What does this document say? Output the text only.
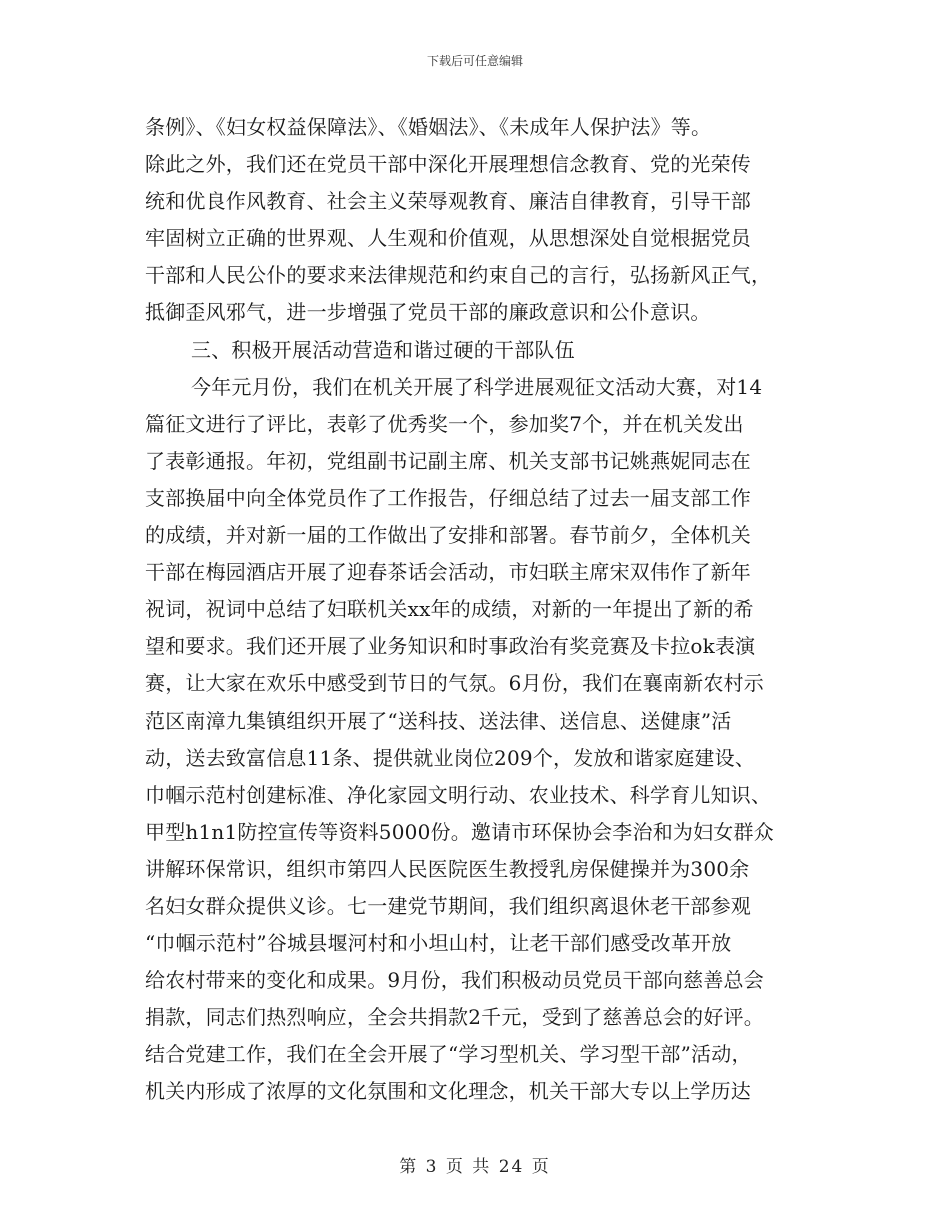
下载后可任意编辑
条例》、《妇女权益保障法》、《婚姻法》、《未成年人保护法》等。
除此之外，我们还在党员干部中深化开展理想信念教育、党的光荣传
统和优良作风教育、社会主义荣辱观教育、廉洁自律教育，引导干部
牢固树立正确的世界观、人生观和价值观，从思想深处自觉根据党员
干部和人民公仆的要求来法律规范和约束自己的言行，弘扬新风正气，
抵御歪风邪气，进一步增强了党员干部的廉政意识和公仆意识。
三、积极开展活动营造和谐过硬的干部队伍
今年元月份，我们在机关开展了科学进展观征文活动大赛，对14
篇征文进行了评比，表彰了优秀奖一个，参加奖7个，并在机关发出
了表彰通报。年初，党组副书记副主席、机关支部书记姚燕妮同志在
支部换届中向全体党员作了工作报告，仔细总结了过去一届支部工作
的成绩，并对新一届的工作做出了安排和部署。春节前夕，全体机关
干部在梅园酒店开展了迎春茶话会活动，市妇联主席宋双伟作了新年
祝词，祝词中总结了妇联机关xx年的成绩，对新的一年提出了新的希
望和要求。我们还开展了业务知识和时事政治有奖竞赛及卡拉ok表演
赛，让大家在欢乐中感受到节日的气氛。6月份，我们在襄南新农村示
范区南漳九集镇组织开展了“送科技、送法律、送信息、送健康”活
动，送去致富信息11条、提供就业岗位209个，发放和谐家庭建设、
巾帼示范村创建标准、净化家园文明行动、农业技术、科学育儿知识、
甲型h1n1防控宣传等资料5000份。邀请市环保协会李治和为妇女群众
讲解环保常识，组织市第四人民医院医生教授乳房保健操并为300余
名妇女群众提供义诊。七一建党节期间，我们组织离退休老干部参观
“巾帼示范村”谷城县堰河村和小坦山村，让老干部们感受改革开放
给农村带来的变化和成果。9月份，我们积极动员党员干部向慈善总会
捐款，同志们热烈响应，全会共捐款2千元，受到了慈善总会的好评。
结合党建工作，我们在全会开展了“学习型机关、学习型干部”活动，
机关内形成了浓厚的文化氛围和文化理念，机关干部大专以上学历达
第 3 页 共 24 页
